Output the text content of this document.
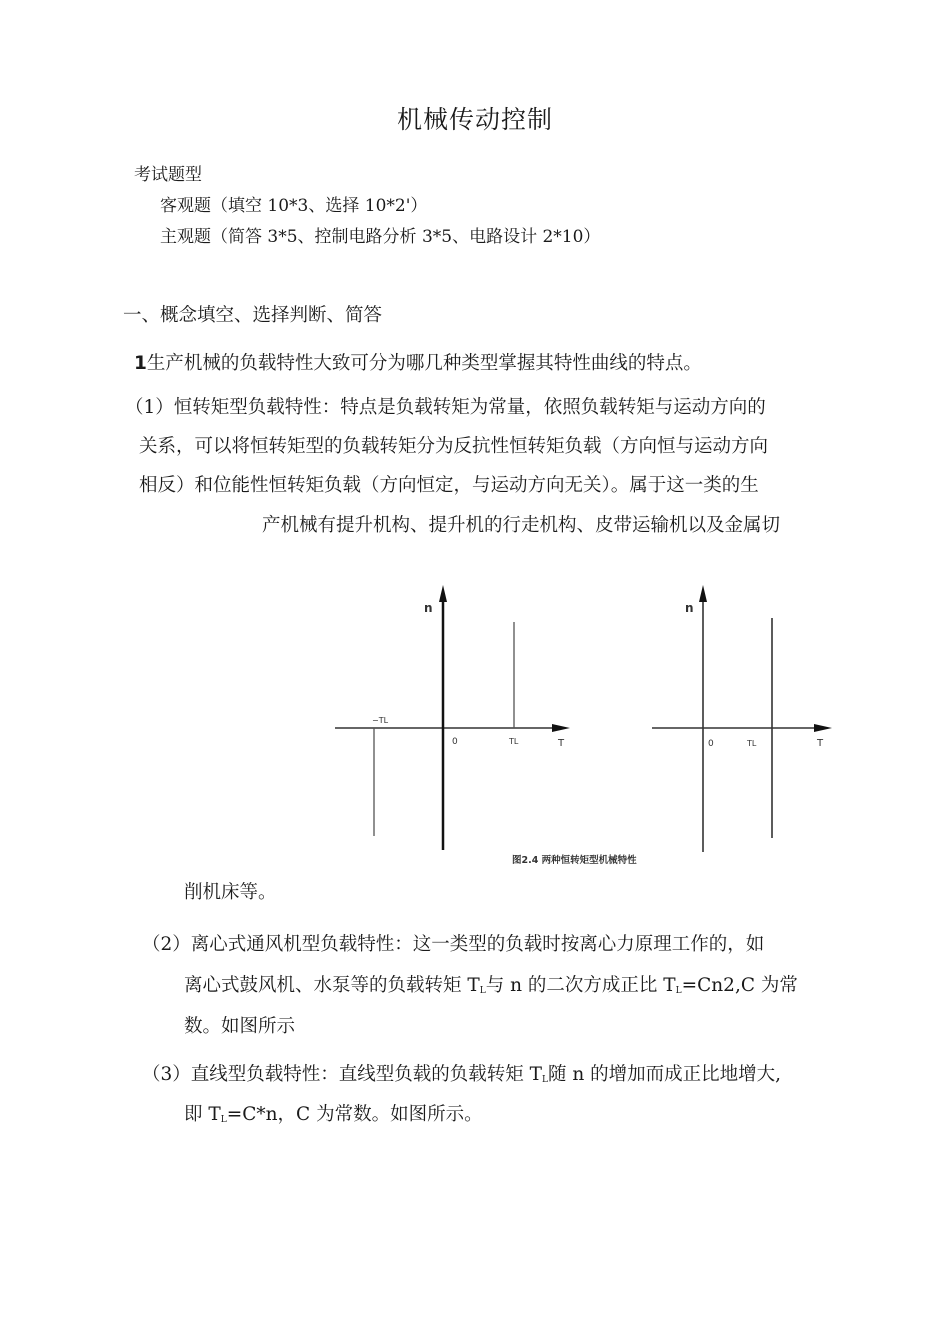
机械传动控制
考试题型
客观题（填空 10*3、选择 10*2'）
主观题（简答 3*5、控制电路分析 3*5、电路设计 2*10）
一、概念填空、选择判断、简答
1生产机械的负载特性大致可分为哪几种类型掌握其特性曲线的特点。
（1）恒转矩型负载特性：特点是负载转矩为常量，依照负载转矩与运动方向的
关系，可以将恒转矩型的负载转矩分为反抗性恒转矩负载（方向恒与运动方向
相反）和位能性恒转矩负载（方向恒定，与运动方向无关）。属于这一类的生
产机械有提升机构、提升机的行走机构、皮带运输机以及金属切
n
−TL
0	TL	T
n
0	TL	T
图2.4 两种恒转矩型机械特性
削机床等。
（2）离心式通风机型负载特性：这一类型的负载时按离心力原理工作的，如
离心式鼓风机、水泵等的负载转矩 $T_L$与 n 的二次方成正比 $T_L=Cn2,C$ 为常
数。如图所示
（3）直线型负载特性：直线型负载的负载转矩 $T_L$随 n 的增加而成正比地增大,
即 $T_L=C*n$，C 为常数。如图所示。
